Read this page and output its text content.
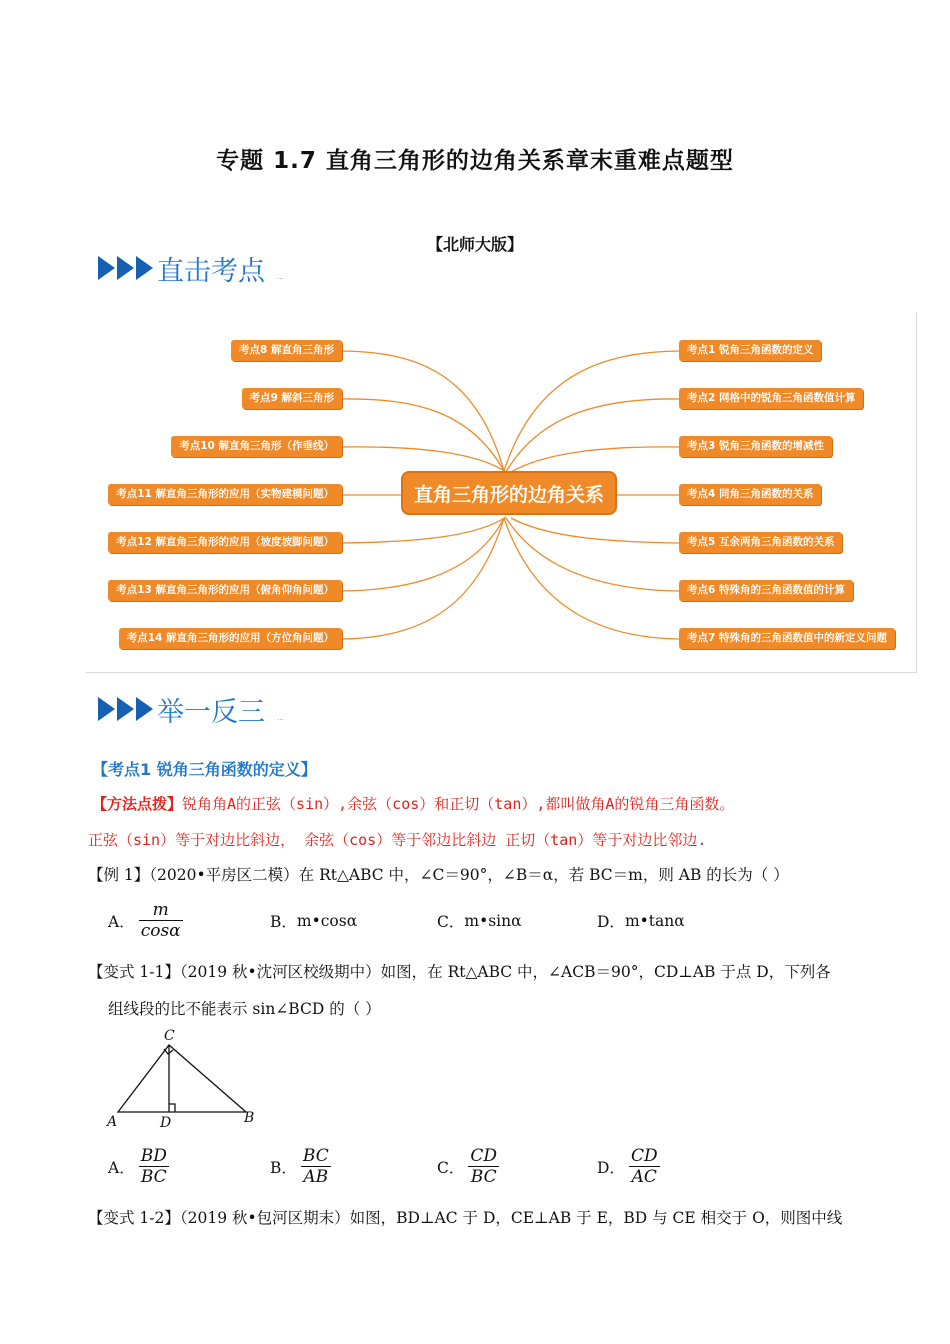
专题 1.7 直角三角形的边角关系章末重难点题型
【北师大版】
直击考点 …
直角三角形的边角关系
考点8 解直角三角形
考点9 解斜三角形
考点10 解直角三角形（作垂线）
考点11 解直角三角形的应用（实物建模问题）
考点12 解直角三角形的应用（坡度坡脚问题）
考点13 解直角三角形的应用（俯角仰角问题）
考点14 解直角三角形的应用（方位角问题）
考点1 锐角三角函数的定义
考点2 网格中的锐角三角函数值计算
考点3 锐角三角函数的增减性
考点4 同角三角函数的关系
考点5 互余两角三角函数的关系
考点6 特殊角的三角函数值的计算
考点7 特殊角的三角函数值中的新定义问题
举一反三 …
【考点1 锐角三角函数的定义】
【方法点拨】锐角角A的正弦（sin）,余弦（cos）和正切（tan）,都叫做角A的锐角三角函数。
正弦（sin）等于对边比斜边， 余弦（cos）等于邻边比斜边 正切（tan）等于对边比邻边.
【例 1】（2020•平房区二模）在 Rt△ABC 中，∠C＝90°，∠B＝α，若 BC＝m，则 AB 的长为（ ）
A． $\frac{m}{\cos\alpha}$	B． m•cosα	C． m•sinα	D． m•tanα
【变式 1-1】（2019 秋•沈河区校级期中）如图，在 Rt△ABC 中，∠ACB＝90°，CD⊥AB 于点 D，下列各
组线段的比不能表示 sin∠BCD 的（ ）
C
A	D	B
A． $\frac{BD}{BC}$	B． $\frac{BC}{AB}$	C． $\frac{CD}{BC}$	D． $\frac{CD}{AC}$
【变式 1-2】（2019 秋•包河区期末）如图，BD⊥AC 于 D，CE⊥AB 于 E，BD 与 CE 相交于 O，则图中线
